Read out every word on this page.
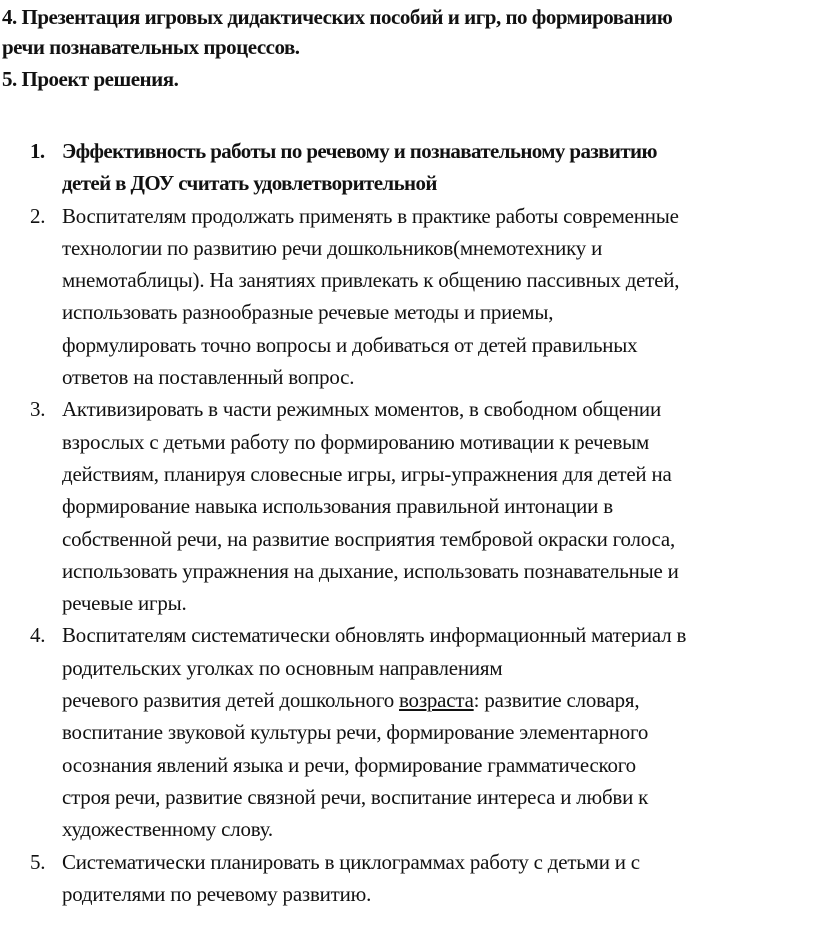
4. Презентация игровых дидактических пособий и игр, по формированию
речи познавательных процессов.
5. Проект решения.
1. Эффективность работы по речевому и познавательному развитию
детей в ДОУ считать удовлетворительной
2. Воспитателям продолжать применять в практике работы современные
технологии по развитию речи дошкольников(мнемотехнику и
мнемотаблицы). На занятиях привлекать к общению пассивных детей,
использовать разнообразные речевые методы и приемы,
формулировать точно вопросы и добиваться от детей правильных
ответов на поставленный вопрос.
3. Активизировать в части режимных моментов, в свободном общении
взрослых с детьми работу по формированию мотивации к речевым
действиям, планируя словесные игры, игры-упражнения для детей на
формирование навыка использования правильной интонации в
собственной речи, на развитие восприятия тембровой окраски голоса,
использовать упражнения на дыхание, использовать познавательные и
речевые игры.
4. Воспитателям систематически обновлять информационный материал в
родительских уголках по основным направлениям
речевого развития детей дошкольного возраста: развитие словаря,
воспитание звуковой культуры речи, формирование элементарного
осознания явлений языка и речи, формирование грамматического
строя речи, развитие связной речи, воспитание интереса и любви к
художественному слову.
5. Систематически планировать в циклограммах работу с детьми и с
родителями по речевому развитию.
